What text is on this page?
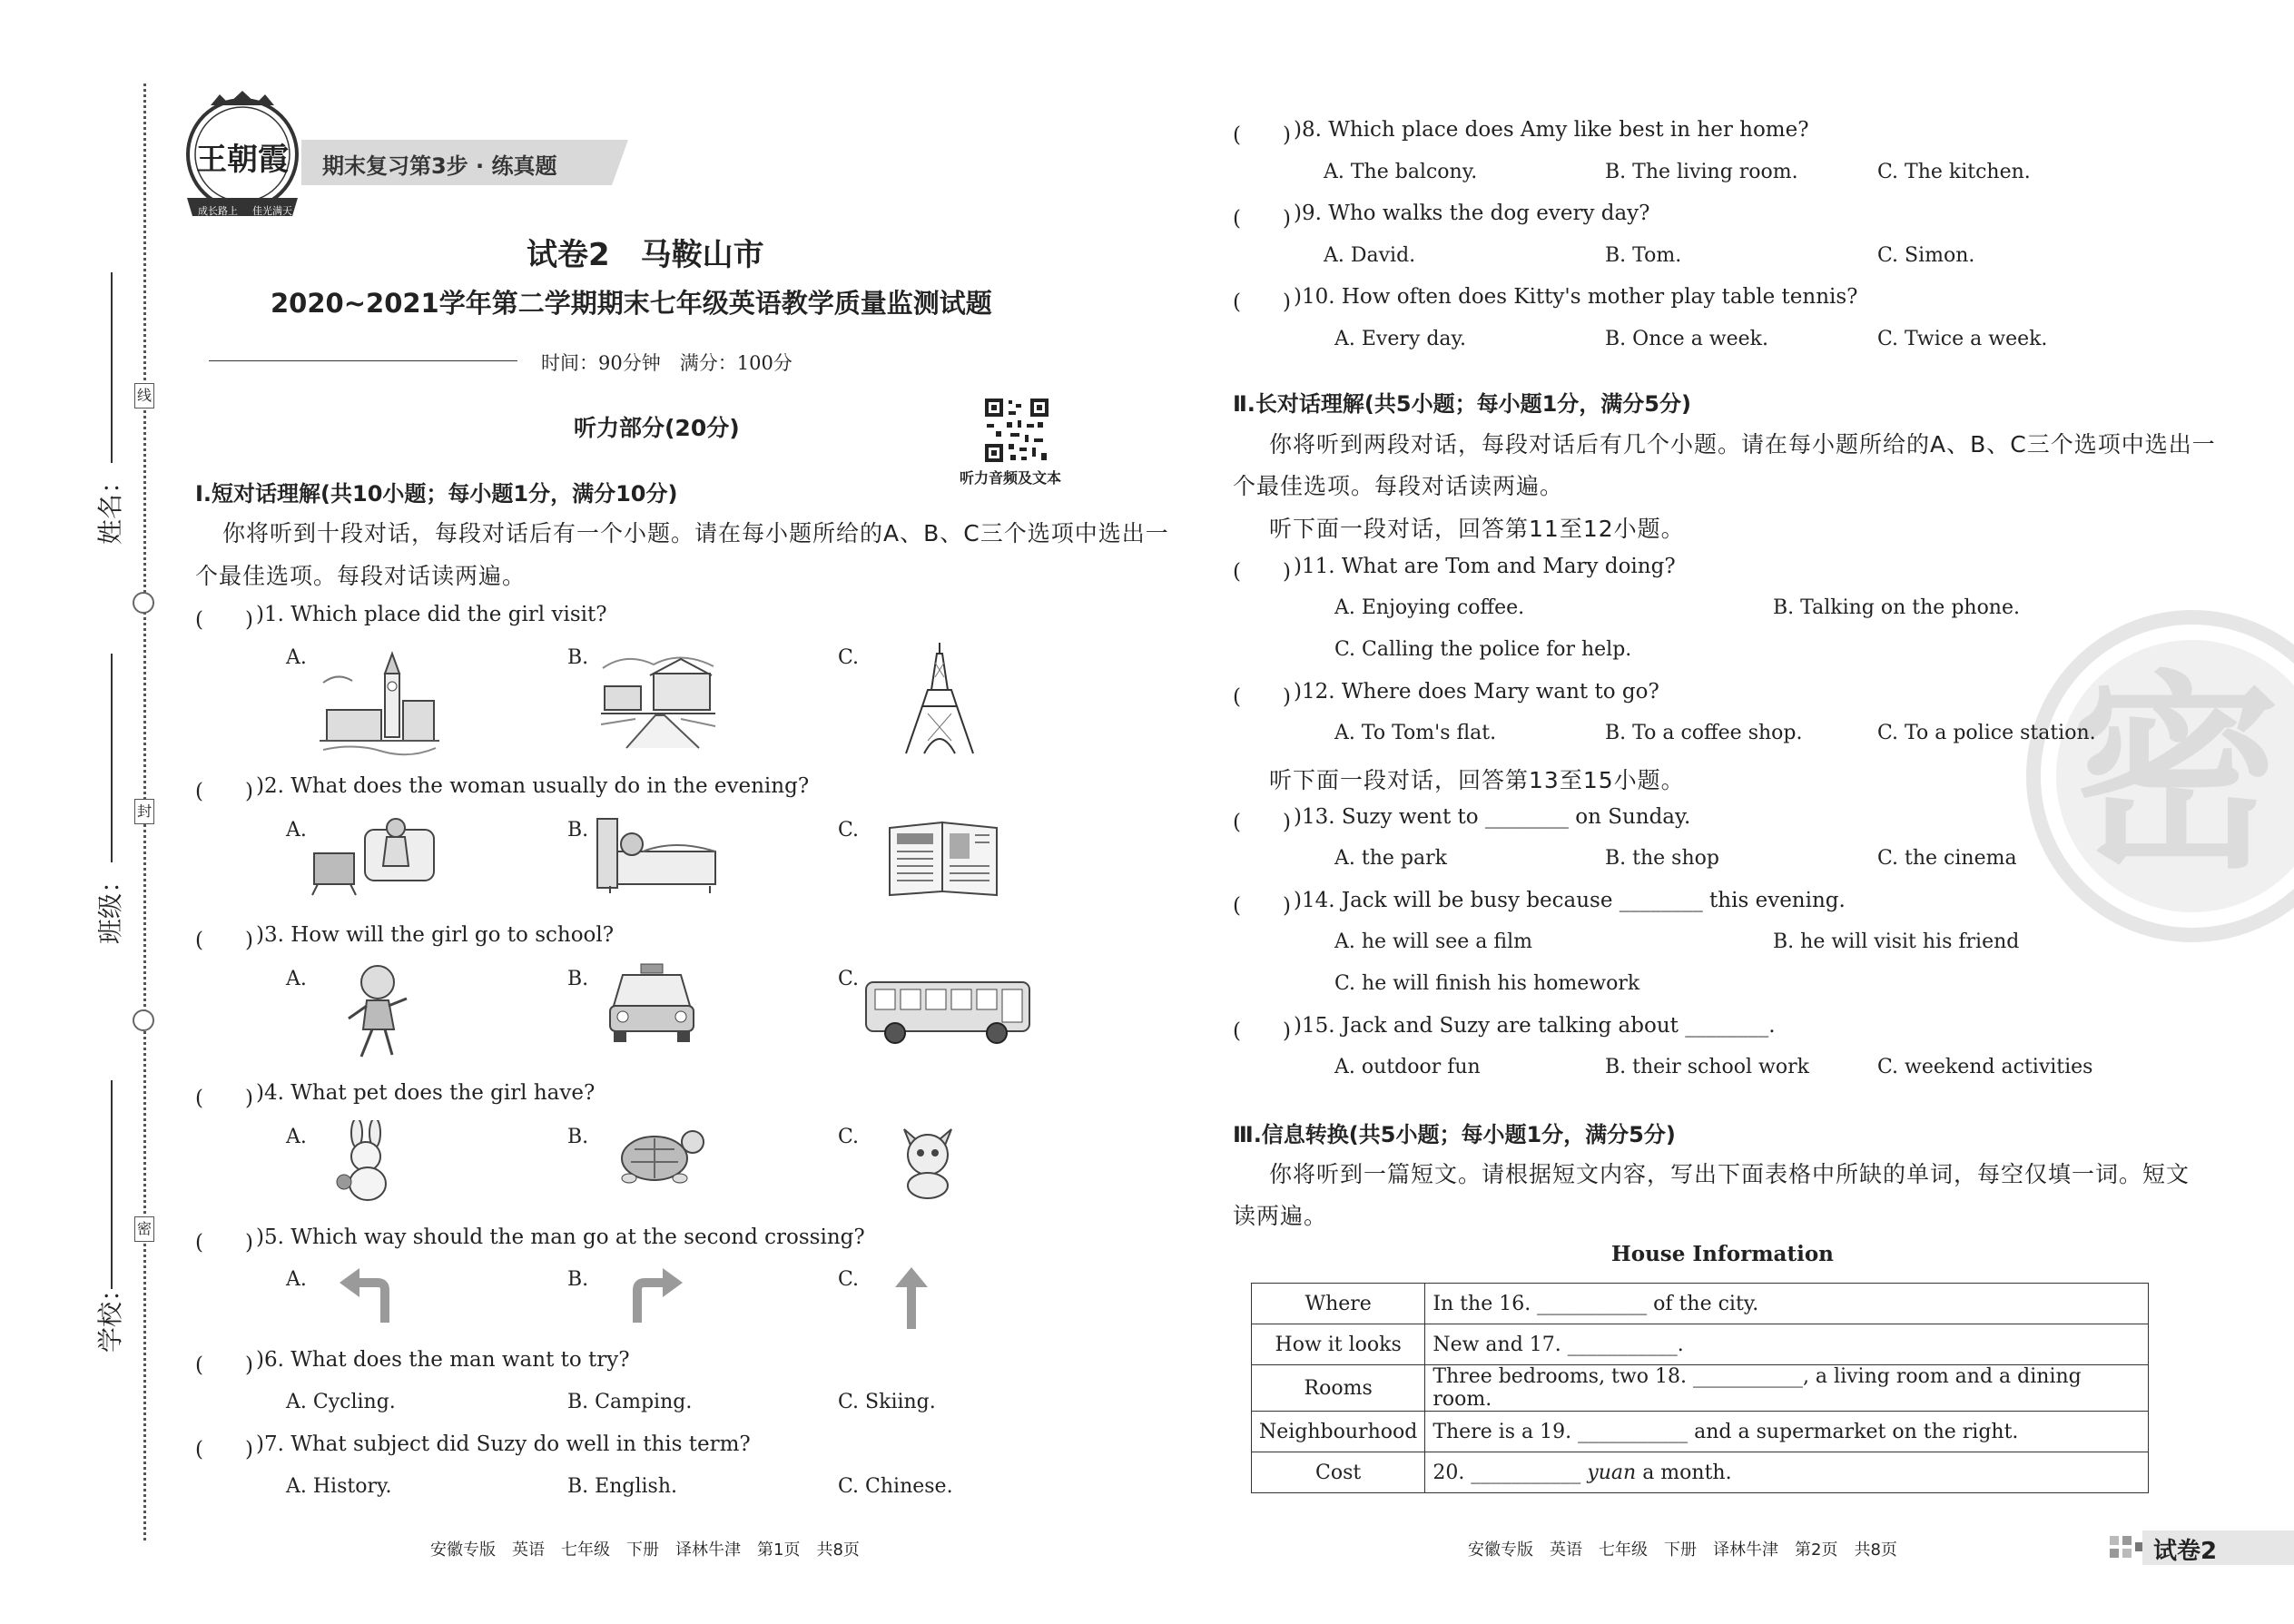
线
封
密
姓名：
班级：
学校：
王朝霞
成长路上 佳光满天
期末复习第3步 · 练真题
试卷2　马鞍山市
2020~2021学年第二学期期末七年级英语教学质量监测试题
时间：90分钟　满分：100分
听力部分(20分)
听力音频及文本
Ⅰ.短对话理解(共10小题；每小题1分，满分10分)
你将听到十段对话，每段对话后有一个小题。请在每小题所给的A、B、C三个选项中选出一
个最佳选项。每段对话读两遍。
(　　) )1. Which place did the girl visit?
A.	B.	C.
(　　) )2. What does the woman usually do in the evening?
A.	B.	C.
(　　) )3. How will the girl go to school?
A.	B.	C.
(　　) )4. What pet does the girl have?
A.	B.	C.
(　　) )5. Which way should the man go at the second crossing?
A.	B.	C.
(　　) )6. What does the man want to try?
A. Cycling.	B. Camping.	C. Skiing.
(　　) )7. What subject did Suzy do well in this term?
A. History.	B. English.	C. Chinese.
密
(　　) )8. Which place does Amy like best in her home?
A. The balcony.	B. The living room.	C. The kitchen.
(　　) )9. Who walks the dog every day?
A. David.	B. Tom.	C. Simon.
(　　) )10. How often does Kitty's mother play table tennis?
A. Every day.	B. Once a week.	C. Twice a week.
Ⅱ.长对话理解(共5小题；每小题1分，满分5分)
你将听到两段对话，每段对话后有几个小题。请在每小题所给的A、B、C三个选项中选出一
个最佳选项。每段对话读两遍。
听下面一段对话，回答第11至12小题。
(　　) )11. What are Tom and Mary doing?
A. Enjoying coffee.	B. Talking on the phone.
C. Calling the police for help.
(　　) )12. Where does Mary want to go?
A. To Tom's flat.	B. To a coffee shop.	C. To a police station.
听下面一段对话，回答第13至15小题。
(　　) )13. Suzy went to ________ on Sunday.
A. the park	B. the shop	C. the cinema
(　　) )14. Jack will be busy because ________ this evening.
A. he will see a film	B. he will visit his friend
C. he will finish his homework
(　　) )15. Jack and Suzy are talking about ________.
A. outdoor fun	B. their school work	C. weekend activities
Ⅲ.信息转换(共5小题；每小题1分，满分5分)
你将听到一篇短文。请根据短文内容，写出下面表格中所缺的单词，每空仅填一词。短文
读两遍。
House Information
Where	In the 16. ___________ of the city.
How it looks	New and 17. ___________.
Rooms	Three bedrooms, two 18. ___________, a living room and a dining room.
Neighbourhood	There is a 19. ___________ and a supermarket on the right.
Cost	20. ___________ yuan a month.
安徽专版　英语　七年级　下册　译林牛津　第1页　共8页	安徽专版　英语　七年级　下册　译林牛津　第2页　共8页	试卷2
